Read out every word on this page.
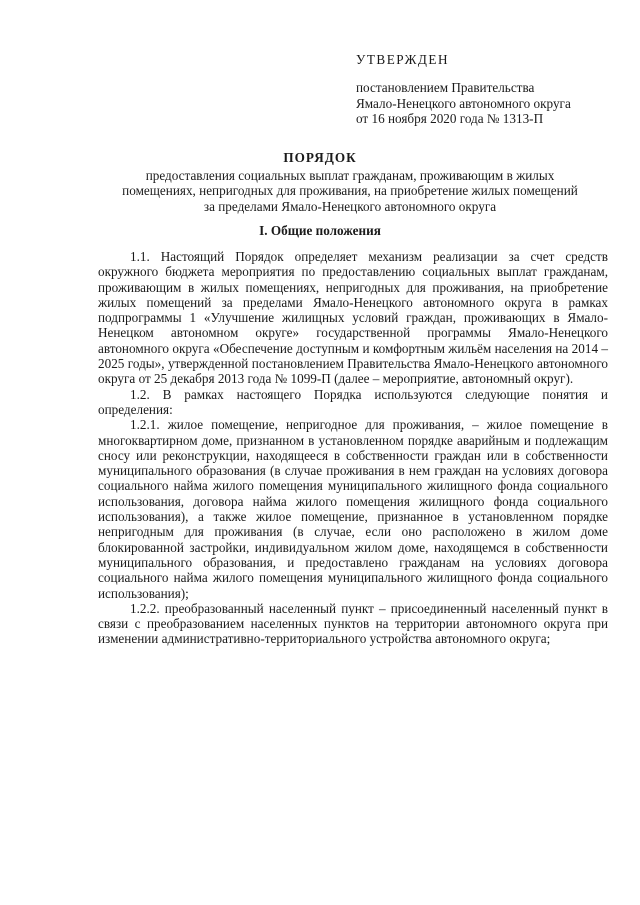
УТВЕРЖДЕН
постановлением Правительства
Ямало-Ненецкого автономного округа
от 16 ноября 2020 года № 1313-П
ПОРЯДОК
предоставления социальных выплат гражданам, проживающим в жилых помещениях, непригодных для проживания, на приобретение жилых помещений за пределами Ямало-Ненецкого автономного округа
I. Общие положения

1.1. Настоящий Порядок определяет механизм реализации за счет средств окружного бюджета мероприятия по предоставлению социальных выплат гражданам, проживающим в жилых помещениях, непригодных для проживания, на приобретение жилых помещений за пределами Ямало-Ненецкого автономного округа в рамках подпрограммы 1 «Улучшение жилищных условий граждан, проживающих в Ямало-Ненецком автономном округе» государственной программы Ямало-Ненецкого автономного округа «Обеспечение доступным и комфортным жильём населения на 2014 – 2025 годы», утвержденной постановлением Правительства Ямало-Ненецкого автономного округа от 25 декабря 2013 года № 1099-П (далее – мероприятие, автономный округ).

1.2. В рамках настоящего Порядка используются следующие понятия и определения:

1.2.1. жилое помещение, непригодное для проживания, – жилое помещение в многоквартирном доме, признанном в установленном порядке аварийным и подлежащим сносу или реконструкции, находящееся в собственности граждан или в собственности муниципального образования (в случае проживания в нем граждан на условиях договора социального найма жилого помещения муниципального жилищного фонда социального использования, договора найма жилого помещения жилищного фонда социального использования), а также жилое помещение, признанное в установленном порядке непригодным для проживания (в случае, если оно расположено в жилом доме блокированной застройки, индивидуальном жилом доме, находящемся в собственности муниципального образования, и предоставлено гражданам на условиях договора социального найма жилого помещения муниципального жилищного фонда социального использования);

1.2.2. преобразованный населенный пункт – присоединенный населенный пункт в связи с преобразованием населенных пунктов на территории автономного округа при изменении административно-территориального устройства автономного округа;
